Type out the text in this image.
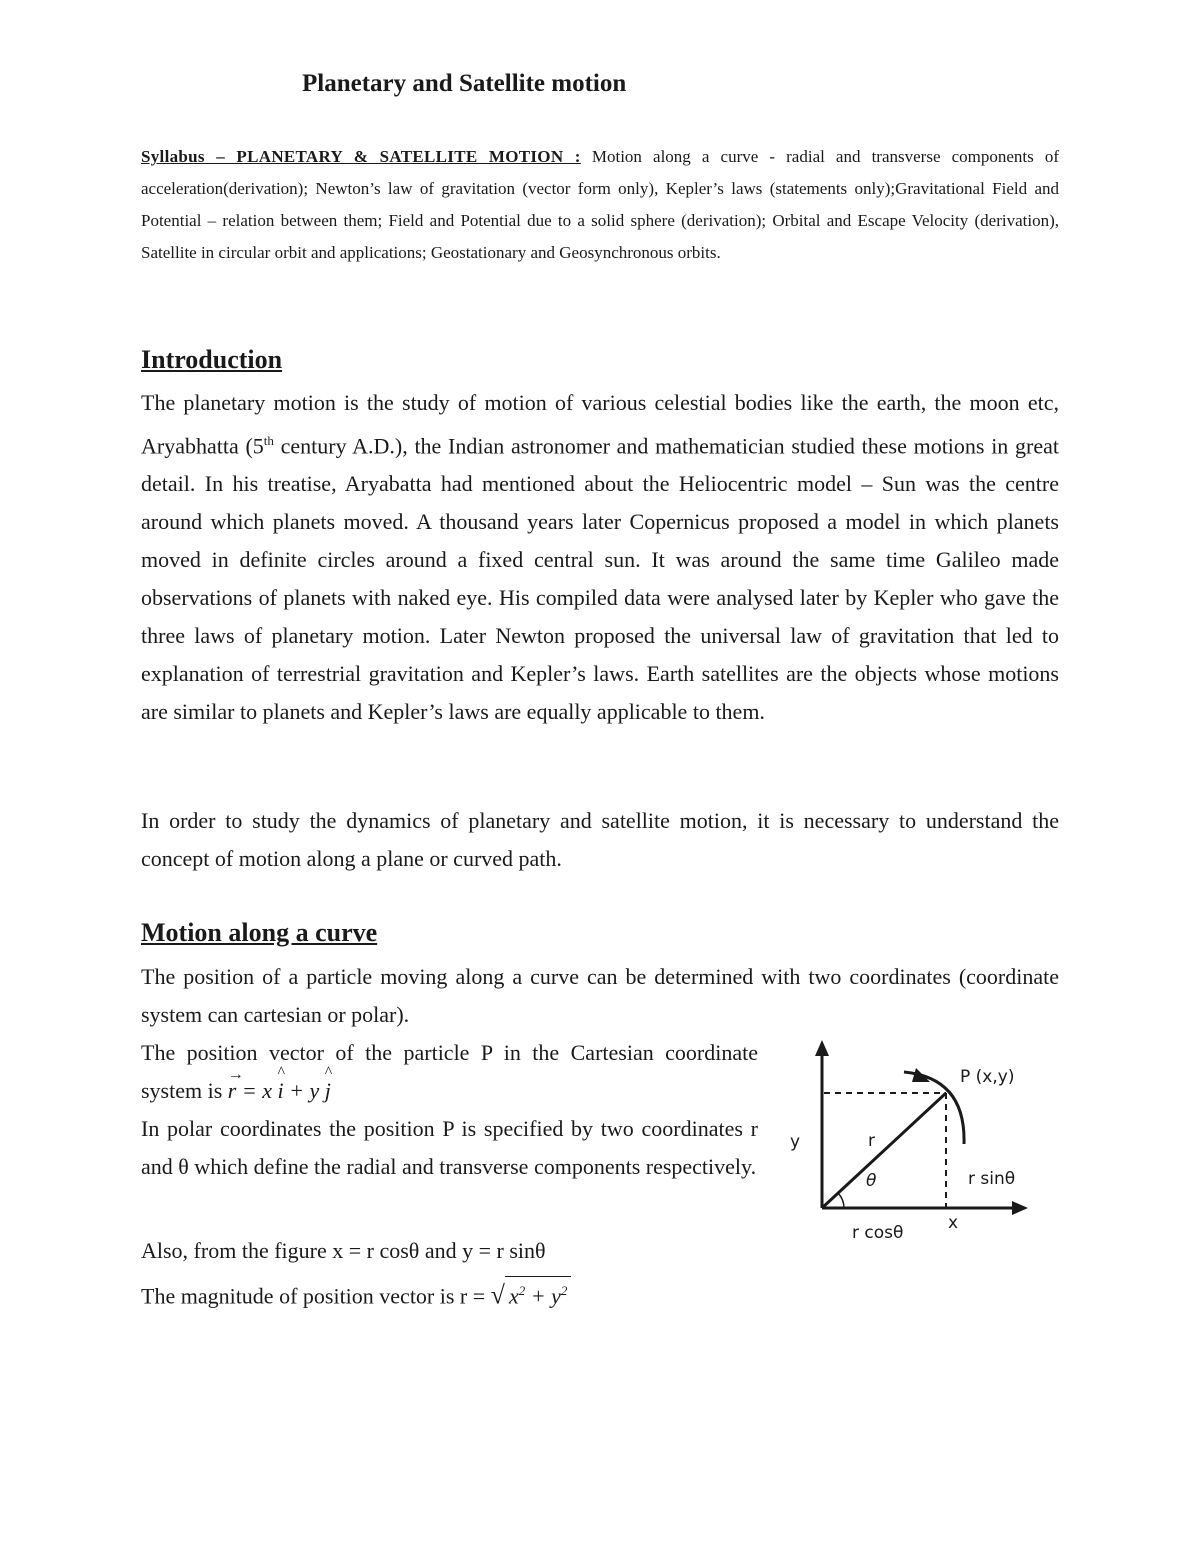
Planetary and Satellite motion
Syllabus – PLANETARY & SATELLITE MOTION : Motion along a curve - radial and transverse components of acceleration(derivation); Newton’s law of gravitation (vector form only), Kepler’s laws (statements only);Gravitational Field and Potential – relation between them; Field and Potential due to a solid sphere (derivation); Orbital and Escape Velocity (derivation), Satellite in circular orbit and applications; Geostationary and Geosynchronous orbits.
Introduction
The planetary motion is the study of motion of various celestial bodies like the earth, the moon etc, Aryabhatta (5th century A.D.), the Indian astronomer and mathematician studied these motions in great detail. In his treatise, Aryabatta had mentioned about the Heliocentric model – Sun was the centre around which planets moved. A thousand years later Copernicus proposed a model in which planets moved in definite circles around a fixed central sun. It was around the same time Galileo made observations of planets with naked eye. His compiled data were analysed later by Kepler who gave the three laws of planetary motion. Later Newton proposed the universal law of gravitation that led to explanation of terrestrial gravitation and Kepler’s laws. Earth satellites are the objects whose motions are similar to planets and Kepler’s laws are equally applicable to them.
In order to study the dynamics of planetary and satellite motion, it is necessary to understand the concept of motion along a plane or curved path.
Motion along a curve
The position of a particle moving along a curve can be determined with two coordinates (coordinate system can cartesian or polar).
The position vector of the particle P in the Cartesian coordinate system is → r = x ^ i + y ^ j
In polar coordinates the position P is specified by two coordinates r and θ which define the radial and transverse components respectively.
Also, from the figure x = r cosθ and y = r sinθ
The magnitude of position vector is r = √ $x^2 + y^2$
P (x,y)
y	r
θ	r sinθ
r cosθ	x
